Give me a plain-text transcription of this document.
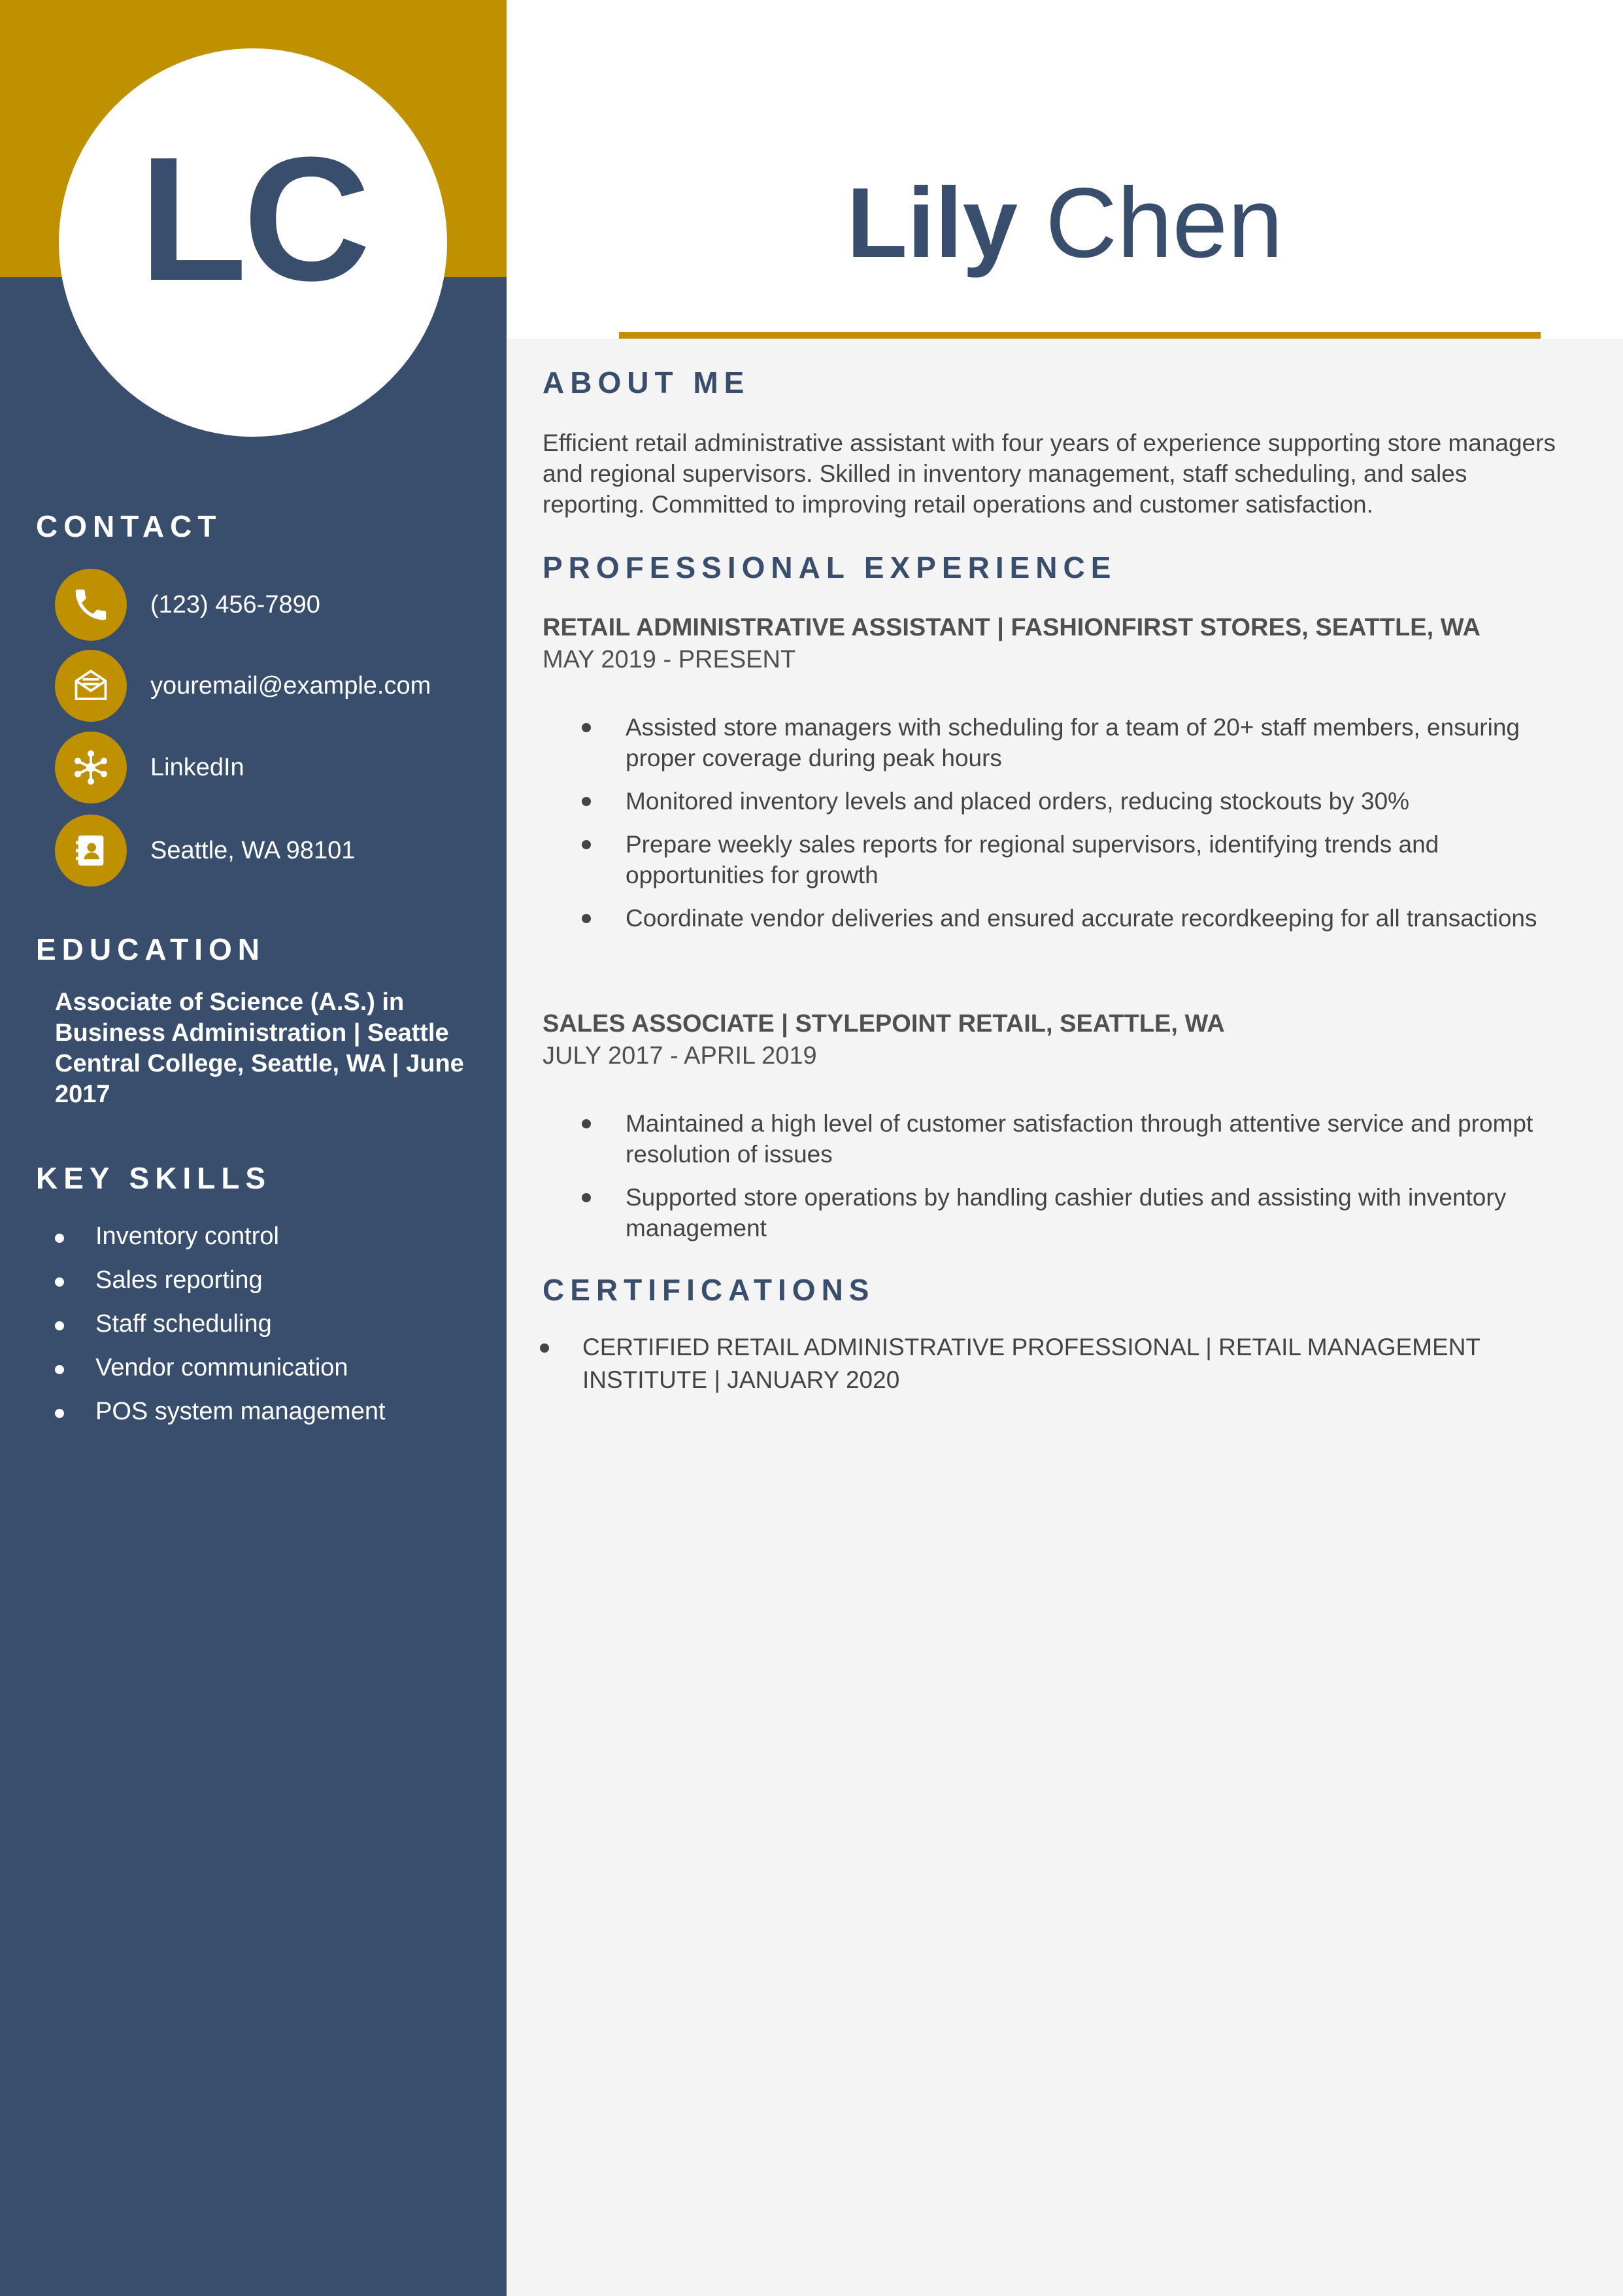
LC	Lily Chen
CONTACT
(123) 456-7890
youremail@example.com
LinkedIn
Seattle, WA 98101
EDUCATION
Associate of Science (A.S.) in Business Administration | Seattle Central College, Seattle, WA | June 2017
KEY SKILLS
Inventory control
Sales reporting
Staff scheduling
Vendor communication
POS system management
ABOUT ME

Efficient retail administrative assistant with four years of experience supporting store managers and regional supervisors. Skilled in inventory management, staff scheduling, and sales reporting. Committed to improving retail operations and customer satisfaction.

PROFESSIONAL EXPERIENCE
RETAIL ADMINISTRATIVE ASSISTANT | FASHIONFIRST STORES, SEATTLE, WA
MAY 2019 - PRESENT
Assisted store managers with scheduling for a team of 20+ staff members, ensuring proper coverage during peak hours
Monitored inventory levels and placed orders, reducing stockouts by 30%
Prepare weekly sales reports for regional supervisors, identifying trends and opportunities for growth
Coordinate vendor deliveries and ensured accurate recordkeeping for all transactions
SALES ASSOCIATE | STYLEPOINT RETAIL, SEATTLE, WA
JULY 2017 - APRIL 2019
Maintained a high level of customer satisfaction through attentive service and prompt resolution of issues
Supported store operations by handling cashier duties and assisting with inventory management
CERTIFICATIONS
CERTIFIED RETAIL ADMINISTRATIVE PROFESSIONAL | RETAIL MANAGEMENT INSTITUTE | JANUARY 2020
